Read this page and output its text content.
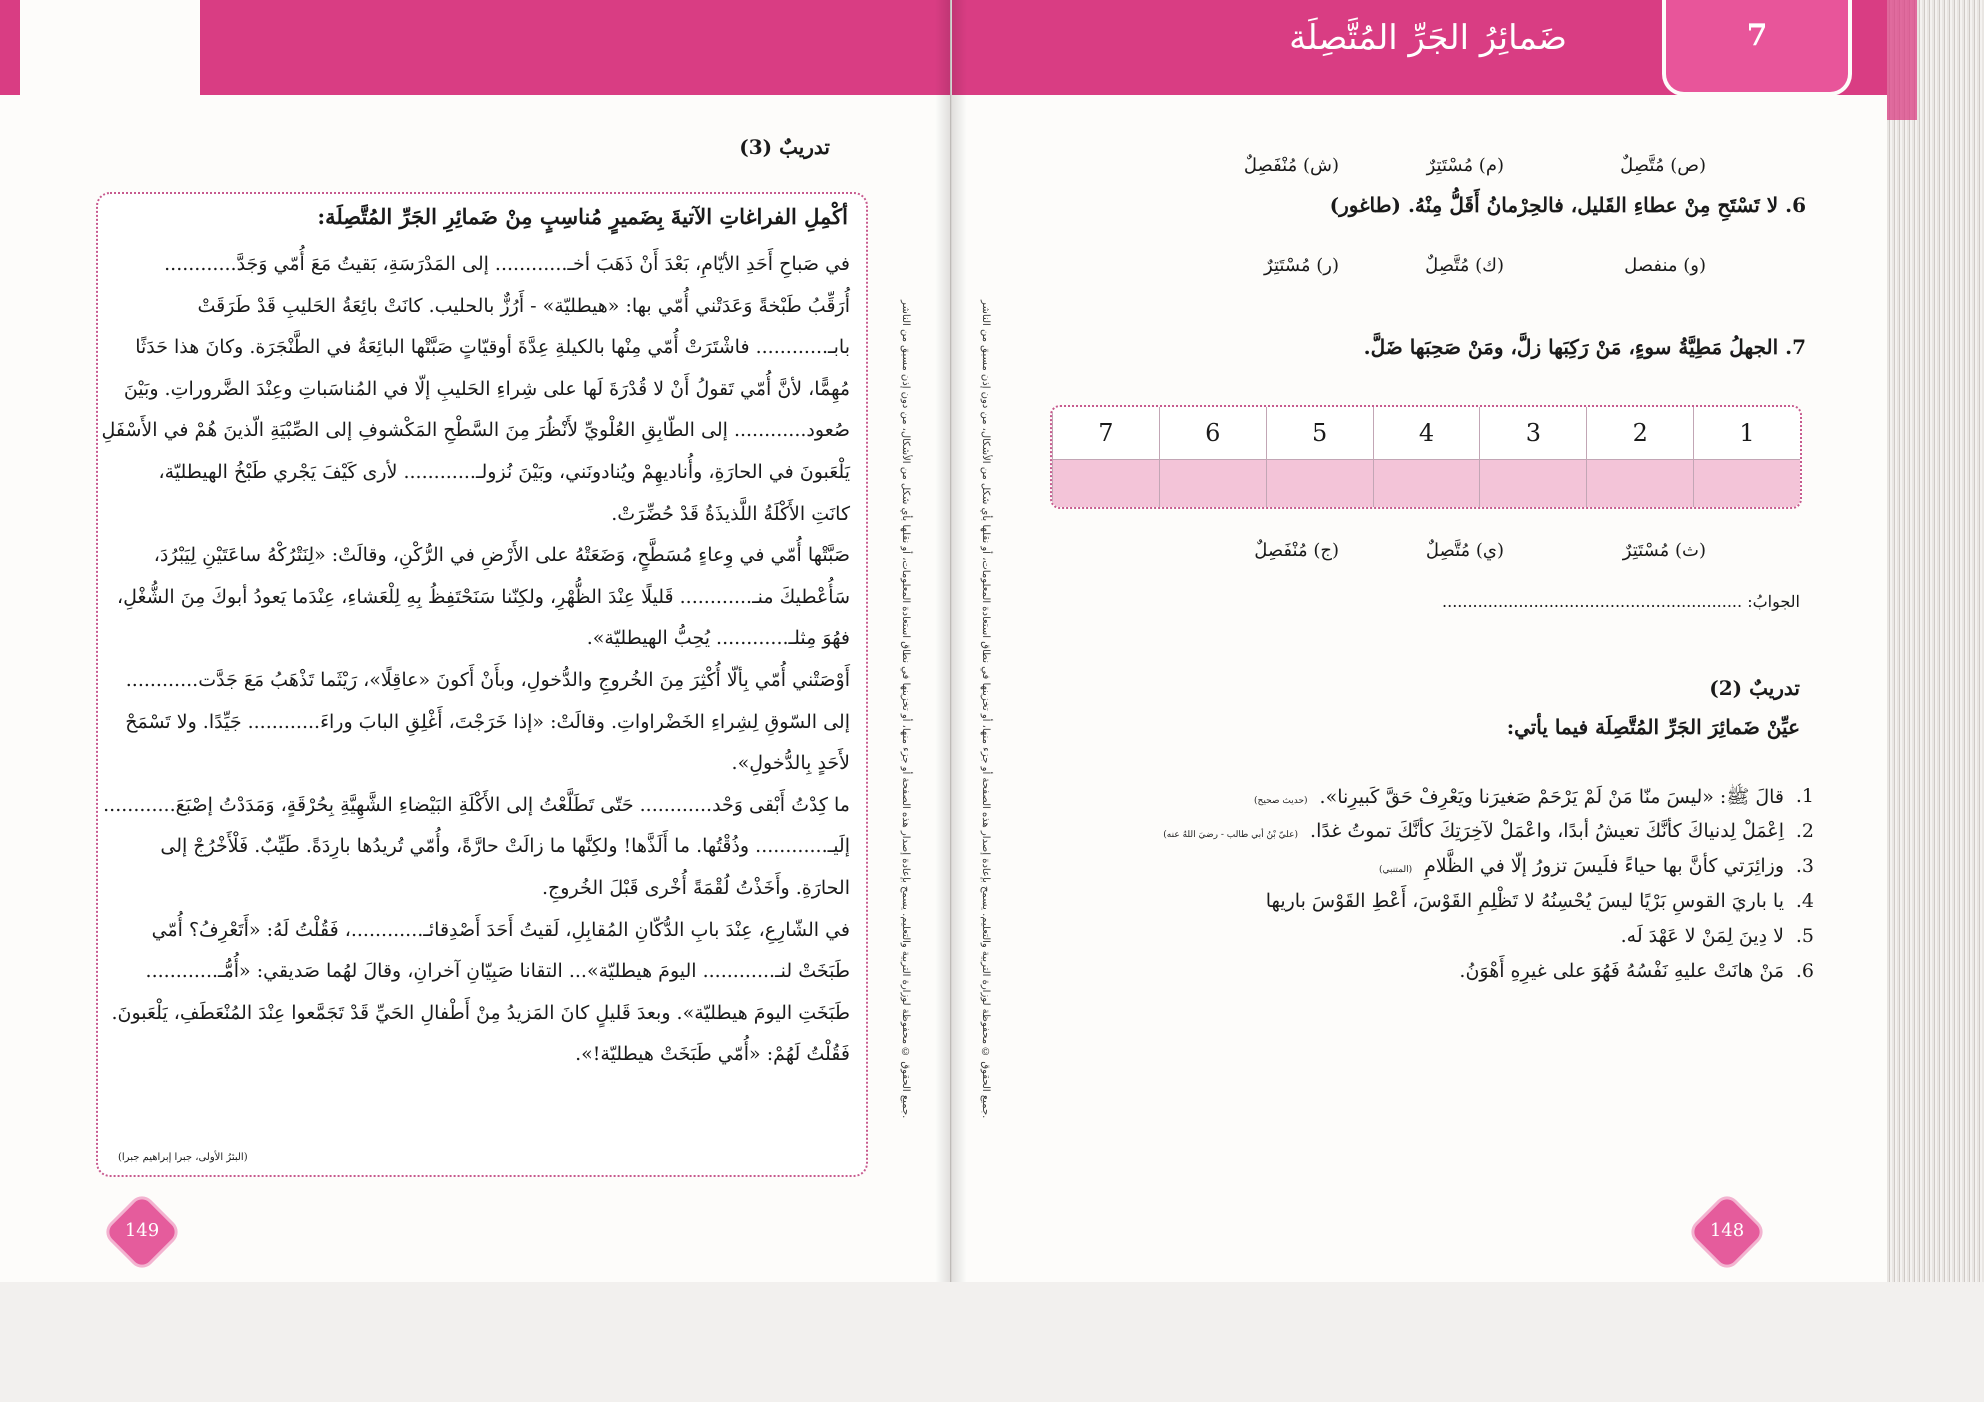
تدريبٌ (3)
أكْمِلِ الفراغاتِ الآتيةَ بِضَميرٍ مُناسِبٍ مِنْ ضَمائِرِ الجَرِّ المُتَّصِلَة:
في صَباحِ أَحَدِ الأيّامِ، بَعْدَ أَنْ ذَهَبَ أخـ............ إلى المَدْرَسَةِ، بَقيتُ مَعَ أُمّي وَجَدَّ............
أُرَقِّبُ طَبْخةً وَعَدَتْني أُمّي بها: «هيطليّة» - أَرُزٌّ بالحليب. كانَتْ بائِعَةُ الحَليبِ قَدْ طَرَقَتْ
بابـ............ فاشْتَرَتْ أُمّي مِنْها بالكيلةِ عِدَّةَ أوقيّاتٍ صَبَّتْها البائِعَةُ في الطَّنْجَرَة. وكانَ هذا حَدَثًا
مُهِمًّا، لأنَّ أُمّي تَقولُ أَنْ لا قُدْرَةَ لَها على شِراءِ الحَليبِ إلّا في المُناسَباتِ وعِنْدَ الضَّروراتِ. وبَيْنَ
صُعود............ إلى الطّابِقِ العُلْويِّ لأَنْظُرَ مِنَ السَّطْحِ المَكْشوفِ إلى الصِّبْيَةِ الّذينَ هُمْ في الأَسْفَلِ
يَلْعَبونَ في الحارَةِ، وأُناديهِمْ ويُنادونَني، وبَيْنَ نُزولـ............ لأرى كَيْفَ يَجْري طَبْخُ الهيطليّة،
كانَتِ الأَكْلَةُ اللَّذيذَةُ قَدْ حُضِّرَتْ.
صَبَّتْها أُمّي في وِعاءٍ مُسَطَّحٍ، وَضَعَتْهُ على الأَرْضِ في الرُّكْنِ، وقالَتْ: «لِنَتْرُكْهُ ساعَتَيْنِ لِيَبْرُدَ،
سَأُعْطيكَ منـ............ قَليلًا عِنْدَ الظُّهْرِ، ولكِنّنا سَنَحْتَفِظُ بِهِ لِلْعَشاءِ، عِنْدَما يَعودُ أبوكَ مِنَ الشُّغْلِ،
فهُوَ مِثلـ............ يُحِبُّ الهيطليّة».
أَوْصَتْني أُمّي بِألّا أُكْثِرَ مِنَ الخُروجِ والدُّخولِ، وبأَنْ أَكونَ «عاقِلًا»، رَيْثَما تَذْهَبُ مَعَ جَدَّت............
إلى السّوقِ لِشِراءِ الخَضْراواتِ. وقالَتْ: «إذا خَرَجْتَ، أَغْلِقِ البابَ وراءَ............ جَيِّدًا. ولا تَسْمَحْ
لأَحَدٍ بِالدُّخولِ».
ما كِدْتُ أَبْقى وَحْد............ حَتّى تَطَلَّعْتُ إلى الأَكْلَةِ البَيْضاءِ الشَّهِيَّةِ بِحُرْقَةٍ، وَمَدَدْتُ إصْبَعَ............
إلَيـ............ وذُقْتُها. ما أَلَذَّها! ولكِنَّها ما زالَتْ حارَّةً، وأُمّي تُريدُها بارِدَةً. طَيِّبٌ. فَلْأَخْرُجْ إلى
الحارَةِ. وأَخَذْتُ لُقْمَةً أُخْرى قَبْلَ الخُروجِ.
في الشّارِعِ، عِنْدَ بابِ الدُّكّانِ المُقابِلِ، لَقيتُ أَحَدَ أَصْدِقائـ............، فَقُلْتُ لَهُ: «أَتَعْرِفُ؟ أُمّي
طَبَخَتْ لنـ............ اليومَ هيطليّة»... التقانا صَبِيّانِ آخرانِ، وقالَ لهُما صَديقي: «أُمُّـ............
طَبَخَتِ اليومَ هيطليّة». وبعدَ قَليلٍ كانَ المَزيدُ مِنْ أَطْفالِ الحَيِّ قَدْ تَجَمَّعوا عِنْدَ المُنْعَطَفِ، يَلْعَبونَ.
فَقُلْتُ لَهُمْ: «أُمّي طَبَخَتْ هيطليّة!».
(البئرُ الأولى، جبرا إبراهيم جبرا)
149
جميع الحقوق © محفوظة لوزارة التربية والتعليم. يسمح بإعادة إصدار هذه الصفحة أو جزء منها، أو تخزينها في نطاق استعادة المعلومات، أو نقلها بأي شكل من الأشكال، من دون إذن مسبق من الناشر.
7
ضَمائِرُ الجَرِّ المُتَّصِلَة
جميع الحقوق © محفوظة لوزارة التربية والتعليم. يسمح بإعادة إصدار هذه الصفحة أو جزء منها، أو تخزينها في نطاق استعادة المعلومات، أو نقلها بأي شكل من الأشكال، من دون إذن مسبق من الناشر.
(ص) مُتَّصِلٌ
(م) مُسْتَتِرٌ
(ش) مُنْفَصِلٌ
6. لا تَسْتَحِ مِنْ عطاءِ القَليل، فالحِرْمانُ أَقَلُّ مِنْهُ. (طاغور)
(و) منفصل
(ك) مُتَّصِلٌ
(ر) مُسْتَتِرٌ
7. الجهلُ مَطِيَّةُ سوءٍ، مَنْ رَكِبَها زلَّ، ومَنْ صَحِبَها ضَلَّ.
7	6	5	4	3	2	1
(ث) مُسْتَتِرٌ
(ي) مُتَّصِلٌ
(ج) مُنْفَصِلٌ
الجوابُ: ...........................................................
تدريبٌ (2)
عيِّنْ ضَمائِرَ الجَرِّ المُتَّصِلَة فيما يأتي:
1.
قالَ ﷺ: «ليسَ منّا مَنْ لَمْ يَرْحَمْ صَغيرَنا ويَعْرِفْ حَقَّ كَبيرِنا».(حديث صحيح)
2.
اِعْمَلْ لِدنياكَ كأنَّكَ تعيشُ أبدًا، واعْمَلْ لآخِرَتِكَ كأنَّكَ تموتُ غدًا.(عليّ بْنُ أبي طالب - رضيَ اللهُ عنه)
3.
وزائِرَتي كأنَّ بها حياءً فلَيسَ تزورُ إلّا في الظَّلامِ(المتنبي)
4.
يا باريَ القوسِ بَرْيًا ليسَ يُحْسِنُهُ لا تَظْلِمِ القَوْسَ، أَعْطِ القَوْسَ باريها
5.
لا دِينَ لِمَنْ لا عَهْدَ لَه.
6.
مَنْ هانَتْ عليهِ نَفْسُهُ فَهُوَ على غيرِهِ أَهْوَنُ.
148
